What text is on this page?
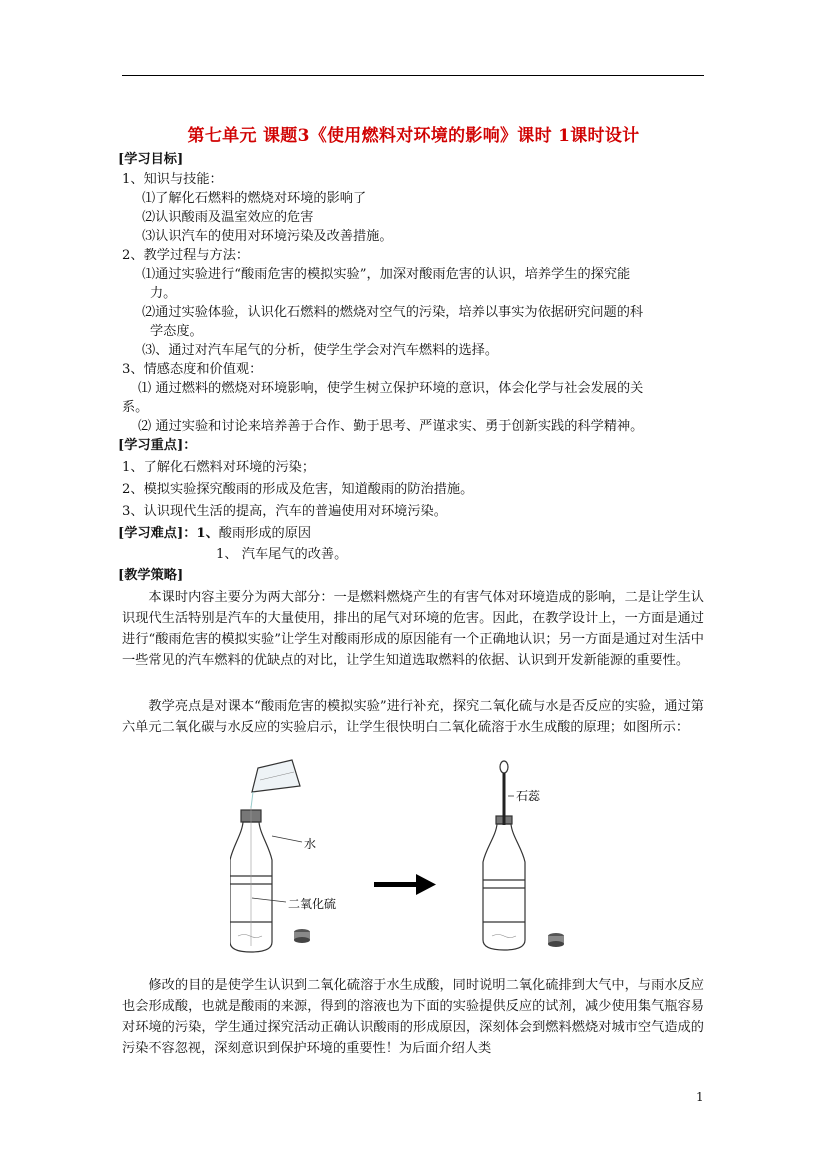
第七单元 课题3《使用燃料对环境的影响》课时 1课时设计
[学习目标]
1、知识与技能：
⑴了解化石燃料的燃烧对环境的影响了
⑵认识酸雨及温室效应的危害
⑶认识汽车的使用对环境污染及改善措施。
2、教学过程与方法：
⑴通过实验进行“酸雨危害的模拟实验”，加深对酸雨危害的认识，培养学生的探究能
力。
⑵通过实验体验，认识化石燃料的燃烧对空气的污染，培养以事实为依据研究问题的科
学态度。
⑶、通过对汽车尾气的分析，使学生学会对汽车燃料的选择。
3、情感态度和价值观：
⑴ 通过燃料的燃烧对环境影响，使学生树立保护环境的意识，体会化学与社会发展的关
系。
⑵ 通过实验和讨论来培养善于合作、勤于思考、严谨求实、勇于创新实践的科学精神。
[学习重点]：
1、了解化石燃料对环境的污染；
2、模拟实验探究酸雨的形成及危害，知道酸雨的防治措施。
3、认识现代生活的提高，汽车的普遍使用对环境污染。
[学习难点]：1、酸雨形成的原因
1、 汽车尾气的改善。
[教学策略]

本课时内容主要分为两大部分：一是燃料燃烧产生的有害气体对环境造成的影响，二是让学生认识现代生活特别是汽车的大量使用，排出的尾气对环境的危害。因此，在教学设计上，一方面是通过进行“酸雨危害的模拟实验”让学生对酸雨形成的原因能有一个正确地认识；另一方面是通过对生活中一些常见的汽车燃料的优缺点的对比，让学生知道选取燃料的依据、认识到开发新能源的重要性。

教学亮点是对课本“酸雨危害的模拟实验”进行补充，探究二氧化硫与水是否反应的实验，通过第六单元二氧化碳与水反应的实验启示，让学生很快明白二氧化硫溶于水生成酸的原理；如图所示：

水
二氧化硫
石蕊

修改的目的是使学生认识到二氧化硫溶于水生成酸，同时说明二氧化硫排到大气中，与雨水反应也会形成酸，也就是酸雨的来源，得到的溶液也为下面的实验提供反应的试剂，减少使用集气瓶容易对环境的污染，学生通过探究活动正确认识酸雨的形成原因，深刻体会到燃料燃烧对城市空气造成的污染不容忽视，深刻意识到保护环境的重要性！为后面介绍人类

1
